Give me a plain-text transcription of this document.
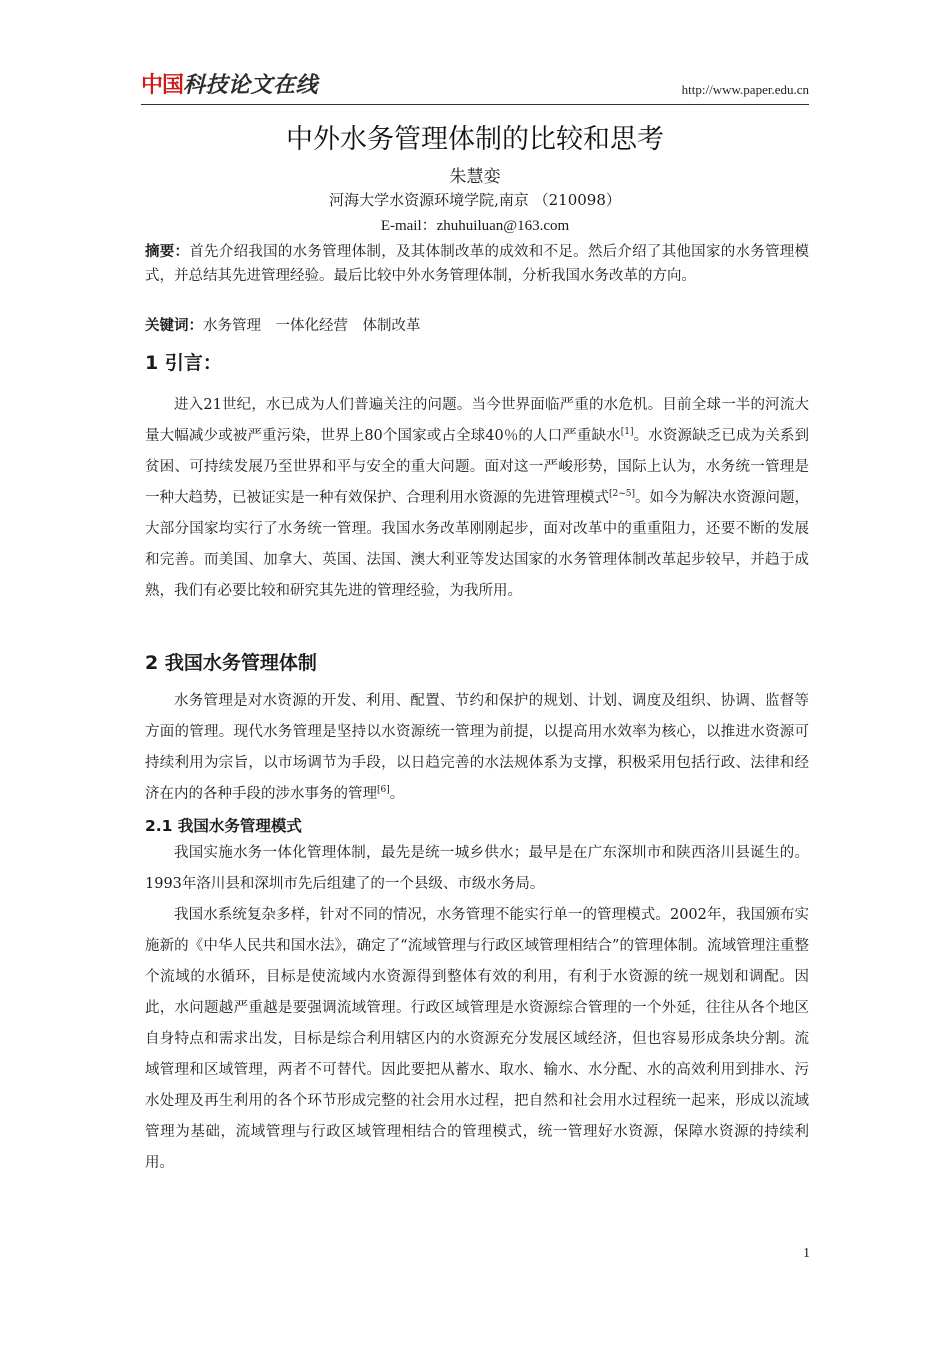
中国 科技论文在线	http://www.paper.edu.cn
中外水务管理体制的比较和思考
朱慧娈
河海大学水资源环境学院,南京 （210098）
E-mail：zhuhuiluan@163.com

摘要：首先介绍我国的水务管理体制，及其体制改革的成效和不足。然后介绍了其他国家的水务管理模式，并总结其先进管理经验。最后比较中外水务管理体制，分析我国水务改革的方向。

关键词：水务管理　一体化经营　体制改革

1 引言：

进入21世纪，水已成为人们普遍关注的问题。当今世界面临严重的水危机。目前全球一半的河流大量大幅减少或被严重污染，世界上80个国家或占全球40％的人口严重缺水[1]。水资源缺乏已成为关系到贫困、可持续发展乃至世界和平与安全的重大问题。面对这一严峻形势，国际上认为，水务统一管理是一种大趋势，已被证实是一种有效保护、合理利用水资源的先进管理模式[2~5]。如今为解决水资源问题，大部分国家均实行了水务统一管理。我国水务改革刚刚起步，面对改革中的重重阻力，还要不断的发展和完善。而美国、加拿大、英国、法国、澳大利亚等发达国家的水务管理体制改革起步较早，并趋于成熟，我们有必要比较和研究其先进的管理经验，为我所用。

2 我国水务管理体制

水务管理是对水资源的开发、利用、配置、节约和保护的规划、计划、调度及组织、协调、监督等方面的管理。现代水务管理是坚持以水资源统一管理为前提，以提高用水效率为核心，以推进水资源可持续利用为宗旨，以市场调节为手段，以日趋完善的水法规体系为支撑，积极采用包括行政、法律和经济在内的各种手段的涉水事务的管理[6]。

2.1 我国水务管理模式

我国实施水务一体化管理体制，最先是统一城乡供水；最早是在广东深圳市和陕西洛川县诞生的。1993年洛川县和深圳市先后组建了的一个县级、市级水务局。

我国水系统复杂多样，针对不同的情况，水务管理不能实行单一的管理模式。2002年，我国颁布实施新的《中华人民共和国水法》，确定了“流域管理与行政区域管理相结合”的管理体制。流域管理注重整个流域的水循环，目标是使流域内水资源得到整体有效的利用，有利于水资源的统一规划和调配。因此，水问题越严重越是要强调流域管理。行政区域管理是水资源综合管理的一个外延，往往从各个地区自身特点和需求出发，目标是综合利用辖区内的水资源充分发展区域经济，但也容易形成条块分割。流域管理和区域管理，两者不可替代。因此要把从蓄水、取水、输水、水分配、水的高效利用到排水、污水处理及再生利用的各个环节形成完整的社会用水过程，把自然和社会用水过程统一起来，形成以流域管理为基础，流域管理与行政区域管理相结合的管理模式，统一管理好水资源，保障水资源的持续利用。

1
